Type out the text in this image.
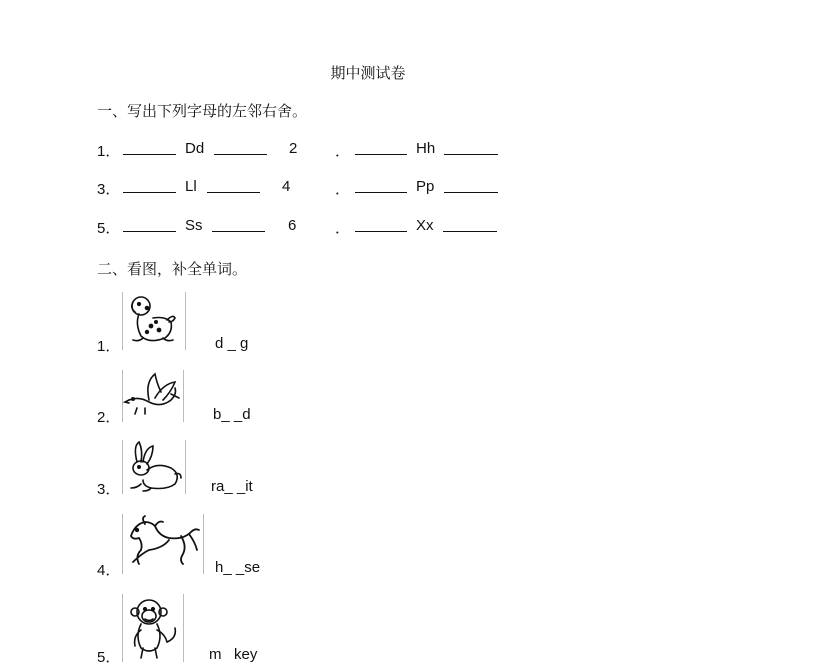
期中测试卷
一、写出下列字母的左邻右舍。
1．	Dd	2	．	Hh
3．	Ll	4	．	Pp
5．	Ss	6	．	Xx
二、看图，补全单词。
1．	d _ g
2．	b_ _d
3．	ra_ _it
4．	h_ _se
5．	m   key
